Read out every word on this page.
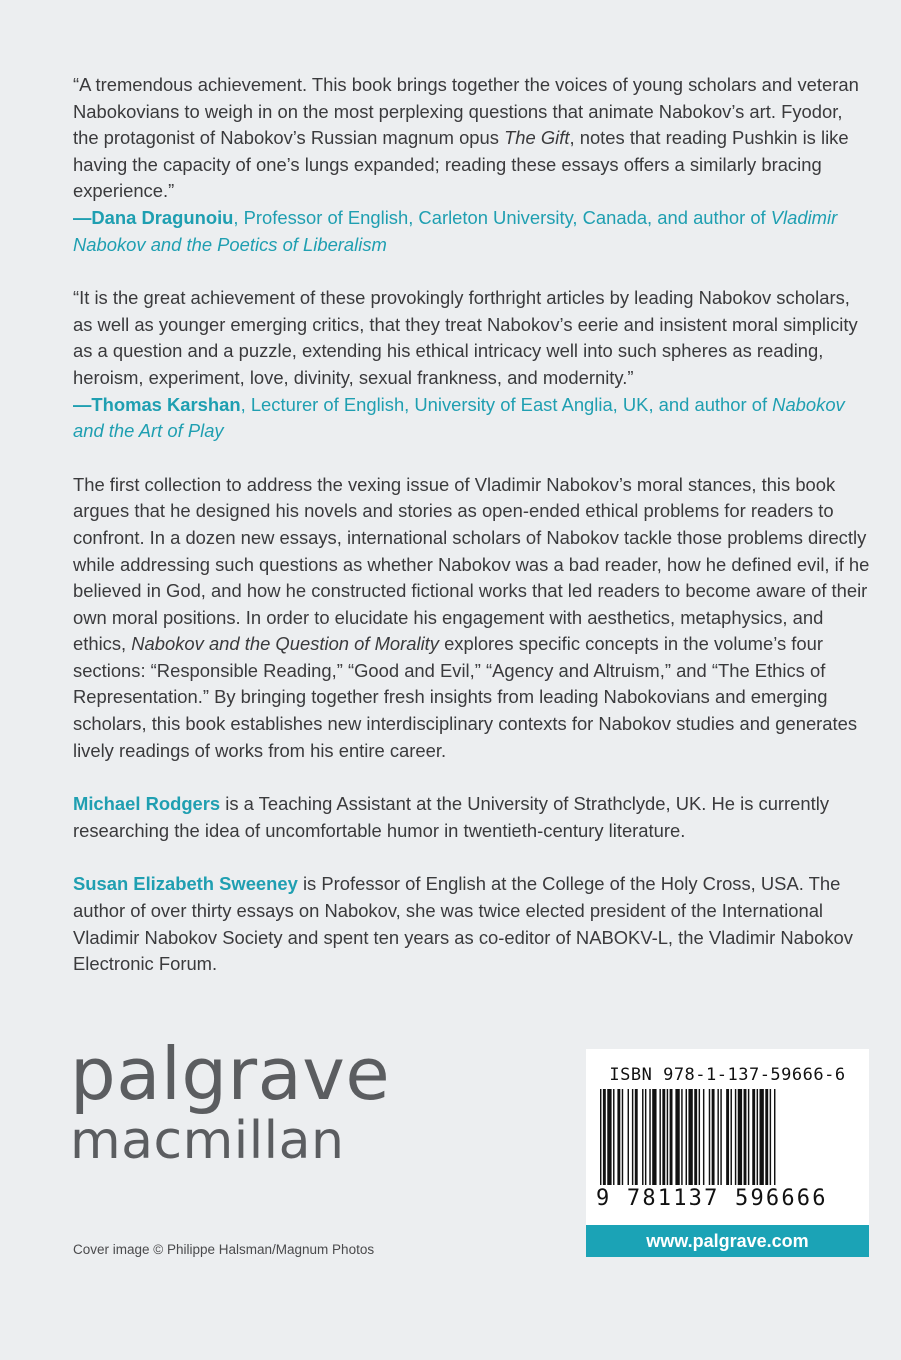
“A tremendous achievement. This book brings together the voices of young scholars and veteran Nabokovians to weigh in on the most perplexing questions that animate Nabokov’s art. Fyodor, the protagonist of Nabokov’s Russian magnum opus The Gift, notes that reading Pushkin is like having the capacity of one’s lungs expanded; reading these essays offers a similarly bracing experience.”

—Dana Dragunoiu, Professor of English, Carleton University, Canada, and author of Vladimir Nabokov and the Poetics of Liberalism

“It is the great achievement of these provokingly forthright articles by leading Nabokov scholars, as well as younger emerging critics, that they treat Nabokov’s eerie and insistent moral simplicity as a question and a puzzle, extending his ethical intricacy well into such spheres as reading, heroism, experiment, love, divinity, sexual frankness, and modernity.”

—Thomas Karshan, Lecturer of English, University of East Anglia, UK, and author of Nabokov and the Art of Play

The first collection to address the vexing issue of Vladimir Nabokov’s moral stances, this book argues that he designed his novels and stories as open-ended ethical problems for readers to confront. In a dozen new essays, international scholars of Nabokov tackle those problems directly while addressing such questions as whether Nabokov was a bad reader, how he defined evil, if he believed in God, and how he constructed fictional works that led readers to become aware of their own moral positions. In order to elucidate his engagement with aesthetics, metaphysics, and ethics, Nabokov and the Question of Morality explores specific concepts in the volume’s four sections: “Responsible Reading,” “Good and Evil,” “Agency and Altruism,” and “The Ethics of Representation.” By bringing together fresh insights from leading Nabokovians and emerging scholars, this book establishes new interdisciplinary contexts for Nabokov studies and generates lively readings of works from his entire career.

Michael Rodgers is a Teaching Assistant at the University of Strathclyde, UK. He is currently researching the idea of uncomfortable humor in twentieth-century literature.

Susan Elizabeth Sweeney is Professor of English at the College of the Holy Cross, USA. The author of over thirty essays on Nabokov, she was twice elected president of the International Vladimir Nabokov Society and spent ten years as co-editor of NABOKV-L, the Vladimir Nabokov Electronic Forum.

palgrave
macmillan
Cover image © Philippe Halsman/Magnum Photos
ISBN 978-1-137-59666-6
9 781137 596666
www.palgrave.com
